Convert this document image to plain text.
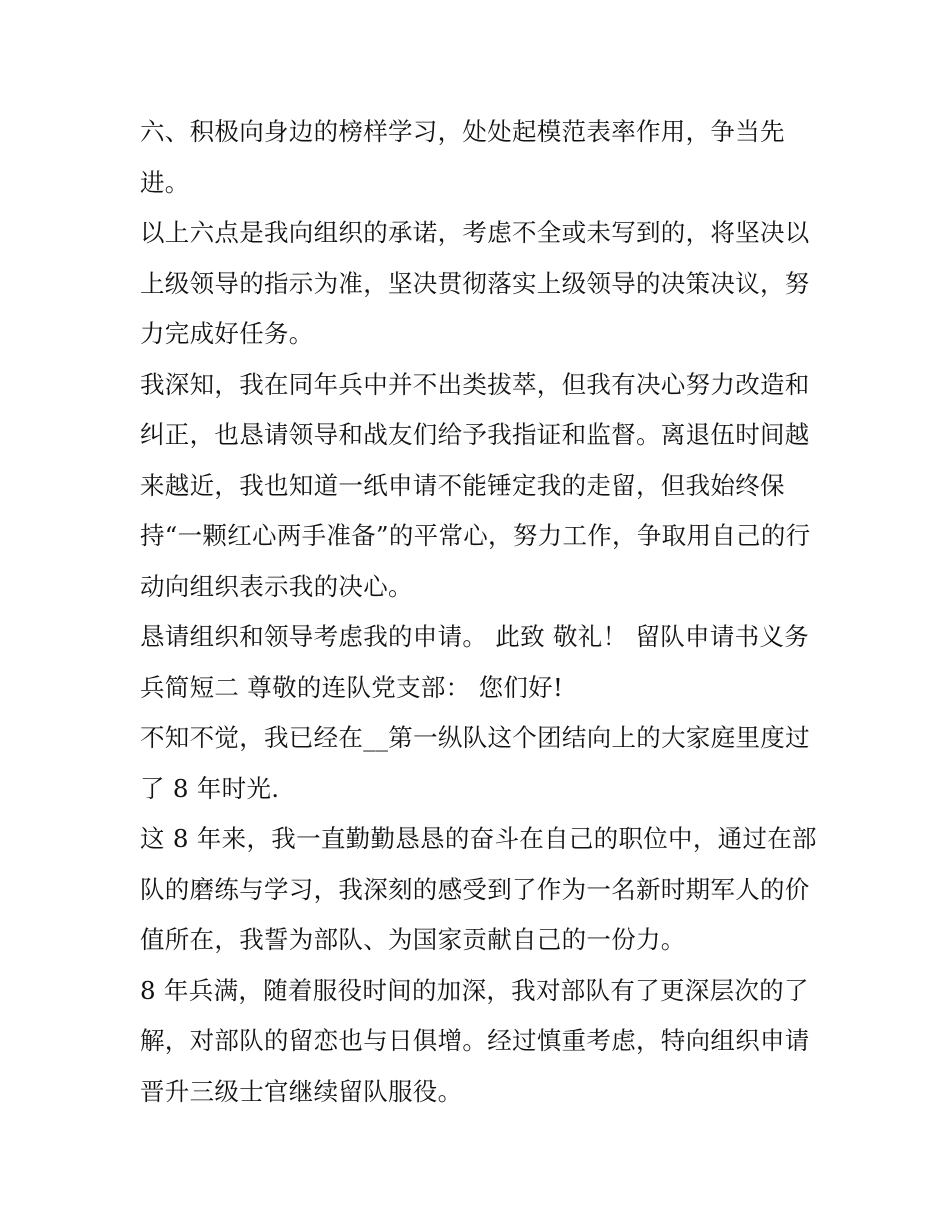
六、积极向身边的榜样学习，处处起模范表率作用，争当先
进。

以上六点是我向组织的承诺，考虑不全或未写到的，将坚决以
上级领导的指示为准，坚决贯彻落实上级领导的决策决议，努
力完成好任务。

我深知，我在同年兵中并不出类拔萃，但我有决心努力改造和
纠正，也恳请领导和战友们给予我指证和监督。离退伍时间越
来越近，我也知道一纸申请不能锤定我的走留，但我始终保
持“一颗红心两手准备”的平常心，努力工作，争取用自己的行
动向组织表示我的决心。

恳请组织和领导考虑我的申请。 此致 敬礼！ 留队申请书义务
兵简短二 尊敬的连队党支部： 您们好!

不知不觉，我已经在__第一纵队这个团结向上的大家庭里度过
了 8 年时光.

这 8 年来，我一直勤勤恳恳的奋斗在自己的职位中，通过在部
队的磨练与学习，我深刻的感受到了作为一名新时期军人的价
值所在，我誓为部队、为国家贡献自己的一份力。

8 年兵满，随着服役时间的加深，我对部队有了更深层次的了
解，对部队的留恋也与日俱增。经过慎重考虑，特向组织申请
晋升三级士官继续留队服役。
